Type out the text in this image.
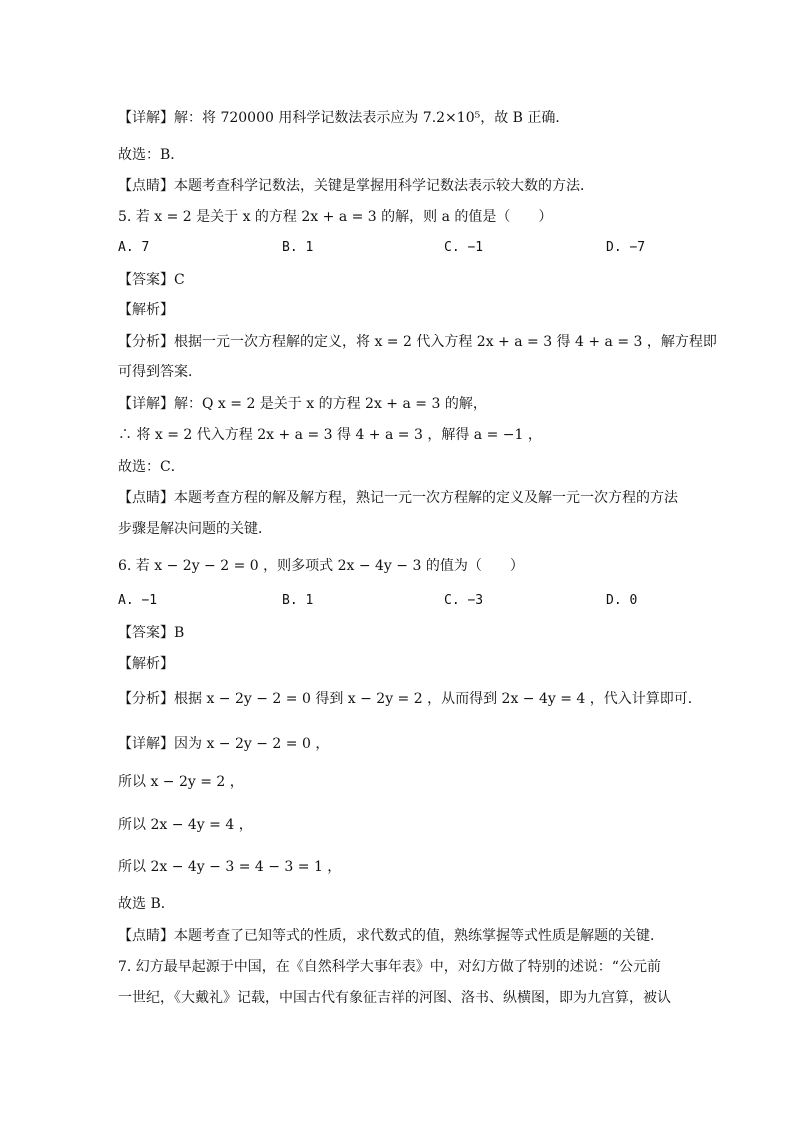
【详解】解：将 720000 用科学记数法表示应为 7.2×10⁵，故 B 正确．
故选：B．
【点睛】本题考查科学记数法，关键是掌握用科学记数法表示较大数的方法．
5. 若 x = 2 是关于 x 的方程 2x + a = 3 的解，则 a 的值是（　　）
A. 7	B. 1	C. −1	D. −7
【答案】C
【解析】
【分析】根据一元一次方程解的定义，将 x = 2 代入方程 2x + a = 3 得 4 + a = 3 ，解方程即
可得到答案．
【详解】解：Q x = 2 是关于 x 的方程 2x + a = 3 的解，
∴ 将 x = 2 代入方程 2x + a = 3 得 4 + a = 3 ，解得 a = −1 ，
故选：C．
【点睛】本题考查方程的解及解方程，熟记一元一次方程解的定义及解一元一次方程的方法
步骤是解决问题的关键．
6. 若 x − 2y − 2 = 0 ，则多项式 2x − 4y − 3 的值为（　　）
A. −1	B. 1	C. −3	D. 0
【答案】B
【解析】
【分析】根据 x − 2y − 2 = 0 得到 x − 2y = 2 ，从而得到 2x − 4y = 4 ，代入计算即可．
【详解】因为 x − 2y − 2 = 0 ，
所以 x − 2y = 2 ，
所以 2x − 4y = 4 ，
所以 2x − 4y − 3 = 4 − 3 = 1 ，
故选 B．
【点睛】本题考查了已知等式的性质，求代数式的值，熟练掌握等式性质是解题的关键．
7. 幻方最早起源于中国，在《自然科学大事年表》中，对幻方做了特别的述说：“公元前
一世纪，《大戴礼》记载，中国古代有象征吉祥的河图、洛书、纵横图，即为九宫算，被认
